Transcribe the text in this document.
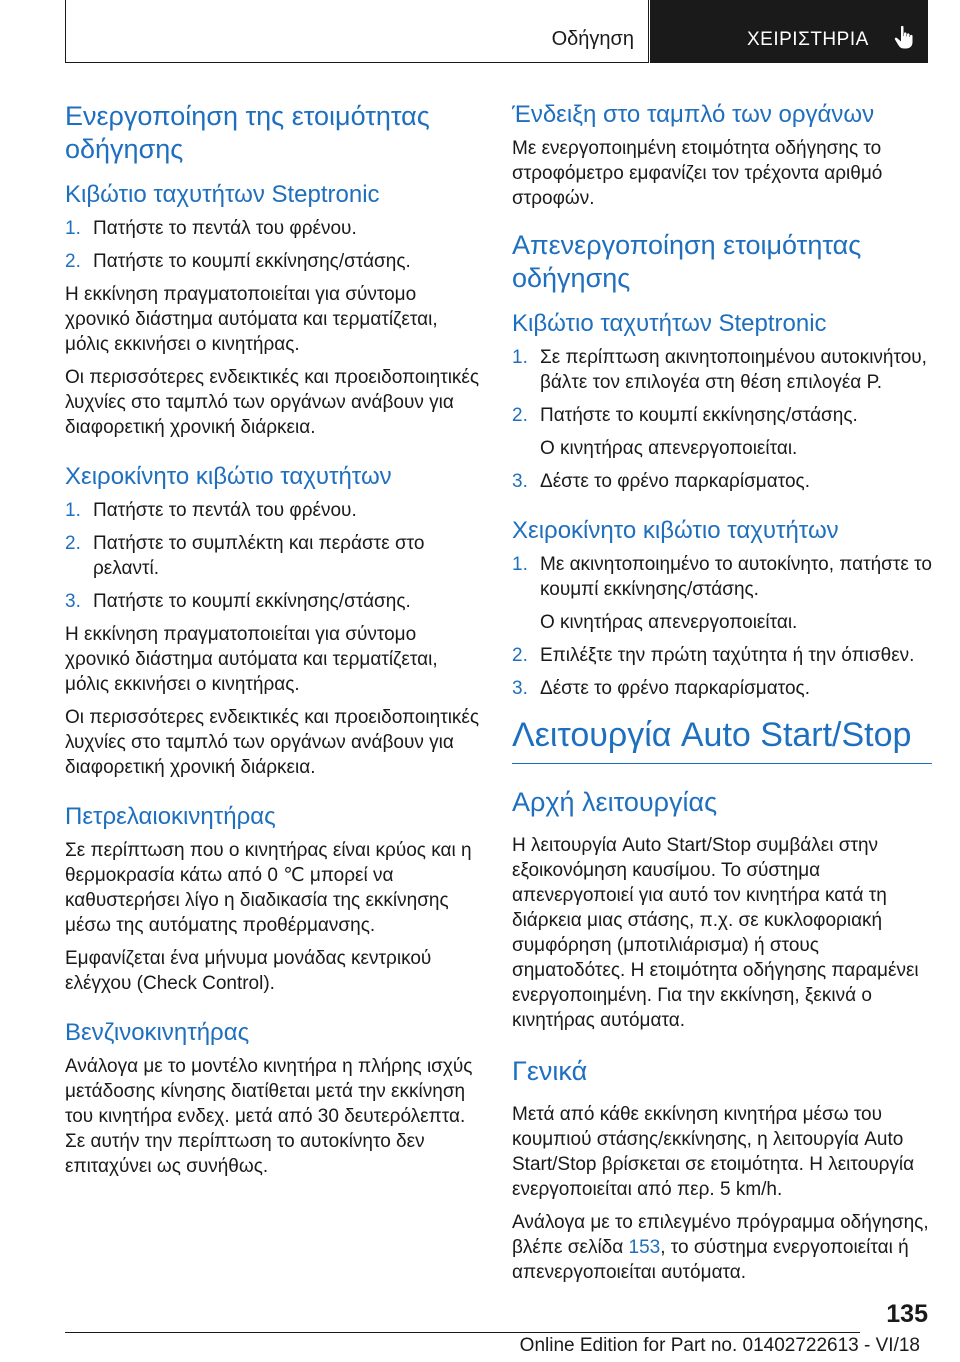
Οδήγηση	ΧΕΙΡΙΣΤΗΡΙΑ
Ενεργοποίηση της ετοιμότητας οδήγησης
Κιβώτιο ταχυτήτων Steptronic
1. Πατήστε το πεντάλ του φρένου.
2. Πατήστε το κουμπί εκκίνησης/στάσης.

Η εκκίνηση πραγματοποιείται για σύντομο χρονικό διάστημα αυτόματα και τερματίζεται, μόλις εκκινήσει ο κινητήρας.

Οι περισσότερες ενδεικτικές και προειδοποιητικές λυχνίες στο ταμπλό των οργάνων ανάβουν για διαφορετική χρονική διάρκεια.

Χειροκίνητο κιβώτιο ταχυτήτων
1. Πατήστε το πεντάλ του φρένου.
2. Πατήστε το συμπλέκτη και περάστε στο ρελαντί.
3. Πατήστε το κουμπί εκκίνησης/στάσης.

Η εκκίνηση πραγματοποιείται για σύντομο χρονικό διάστημα αυτόματα και τερματίζεται, μόλις εκκινήσει ο κινητήρας.

Οι περισσότερες ενδεικτικές και προειδοποιητικές λυχνίες στο ταμπλό των οργάνων ανάβουν για διαφορετική χρονική διάρκεια.

Πετρελαιοκινητήρας

Σε περίπτωση που ο κινητήρας είναι κρύος και η θερμοκρασία κάτω από 0 ℃ μπορεί να καθυστερήσει λίγο η διαδικασία της εκκίνησης μέσω της αυτόματης προθέρμανσης.

Εμφανίζεται ένα μήνυμα μονάδας κεντρικού ελέγχου (Check Control).

Βενζινοκινητήρας

Ανάλογα με το μοντέλο κινητήρα η πλήρης ισχύς μετάδοσης κίνησης διατίθεται μετά την εκκίνηση του κινητήρα ενδεχ. μετά από 30 δευτερόλεπτα. Σε αυτήν την περίπτωση το αυτοκίνητο δεν επιταχύνει ως συνήθως.

Ένδειξη στο ταμπλό των οργάνων

Με ενεργοποιημένη ετοιμότητα οδήγησης το στροφόμετρο εμφανίζει τον τρέχοντα αριθμό στροφών.

Απενεργοποίηση ετοιμότητας οδήγησης
Κιβώτιο ταχυτήτων Steptronic
1. Σε περίπτωση ακινητοποιημένου αυτοκινήτου, βάλτε τον επιλογέα στη θέση επιλογέα P.
2. Πατήστε το κουμπί εκκίνησης/στάσης.
Ο κινητήρας απενεργοποιείται.
3. Δέστε το φρένο παρκαρίσματος.
Χειροκίνητο κιβώτιο ταχυτήτων
1. Με ακινητοποιημένο το αυτοκίνητο, πατήστε το κουμπί εκκίνησης/στάσης.
Ο κινητήρας απενεργοποιείται.
2. Επιλέξτε την πρώτη ταχύτητα ή την όπισθεν.
3. Δέστε το φρένο παρκαρίσματος.
Λειτουργία Auto Start/Stop
Αρχή λειτουργίας

Η λειτουργία Auto Start/Stop συμβάλει στην εξοικονόμηση καυσίμου. Το σύστημα απενεργοποιεί για αυτό τον κινητήρα κατά τη διάρκεια μιας στάσης, π.χ. σε κυκλοφοριακή συμφόρηση (μποτιλιάρισμα) ή στους σηματοδότες. Η ετοιμότητα οδήγησης παραμένει ενεργοποιημένη. Για την εκκίνηση, ξεκινά ο κινητήρας αυτόματα.

Γενικά

Μετά από κάθε εκκίνηση κινητήρα μέσω του κουμπιού στάσης/εκκίνησης, η λειτουργία Auto Start/Stop βρίσκεται σε ετοιμότητα. Η λειτουργία ενεργοποιείται από περ. 5 km/h.

Ανάλογα με το επιλεγμένο πρόγραμμα οδήγησης, βλέπε σελίδα 153, το σύστημα ενεργοποιείται ή απενεργοποιείται αυτόματα.

135
Online Edition for Part no. 01402722613 - VI/18
